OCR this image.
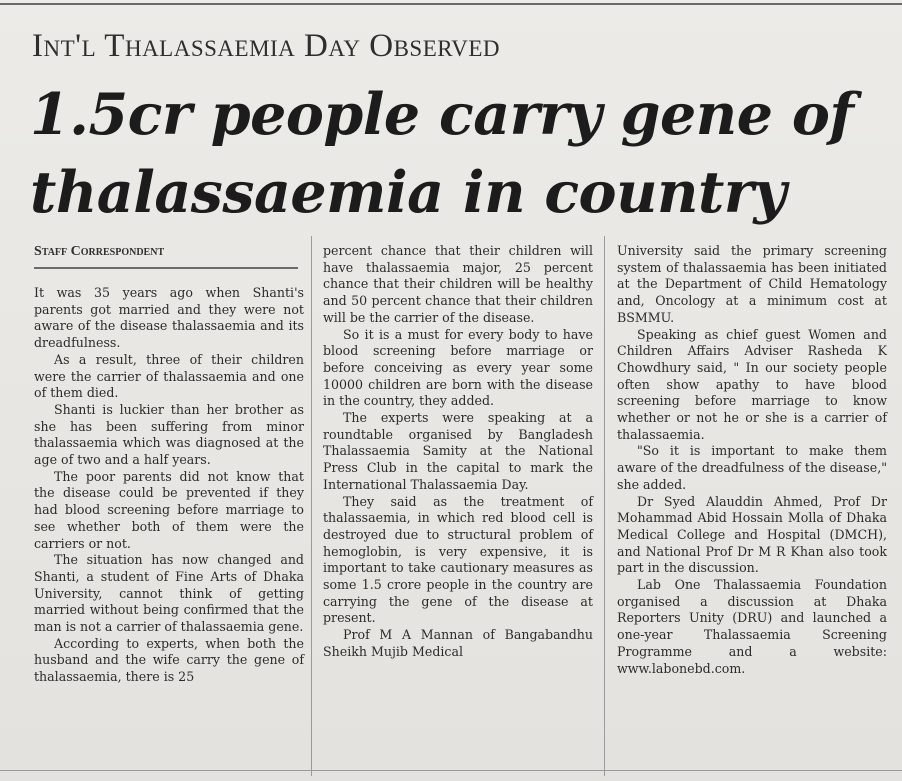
Int'l Thalassaemia Day Observed
1.5cr people carry gene of thalassaemia in country
Staff Correspondent

It was 35 years ago when Shanti's parents got married and they were not aware of the disease thalassaemia and its dreadfulness.

As a result, three of their children were the carrier of thalassaemia and one of them died.

Shanti is luckier than her brother as she has been suffering from minor thalassaemia which was diagnosed at the age of two and a half years.

The poor parents did not know that the disease could be prevented if they had blood screening before marriage to see whether both of them were the carriers or not.

The situation has now changed and Shanti, a student of Fine Arts of Dhaka University, cannot think of getting married without being confirmed that the man is not a carrier of thalassaemia gene.

According to experts, when both the husband and the wife carry the gene of thalassaemia, there is 25

percent chance that their children will have thalassaemia major, 25 percent chance that their children will be healthy and 50 percent chance that their children will be the carrier of the disease.

So it is a must for every body to have blood screening before marriage or before conceiving as every year some 10000 children are born with the disease in the country, they added.

The experts were speaking at a roundtable organised by Bangladesh Thalassaemia Samity at the National Press Club in the capital to mark the International Thalassaemia Day.

They said as the treatment of thalassaemia, in which red blood cell is destroyed due to structural problem of hemoglobin, is very expensive, it is important to take cautionary measures as some 1.5 crore people in the country are carrying the gene of the disease at present.

Prof M A Mannan of Bangabandhu Sheikh Mujib Medical

University said the primary screening system of thalassaemia has been initiated at the Department of Child Hematology and, Oncology at a minimum cost at BSMMU.

Speaking as chief guest Women and Children Affairs Adviser Rasheda K Chowdhury said, " In our society people often show apathy to have blood screening before marriage to know whether or not he or she is a carrier of thalassaemia.

"So it is important to make them aware of the dreadfulness of the disease," she added.

Dr Syed Alauddin Ahmed, Prof Dr Mohammad Abid Hossain Molla of Dhaka Medical College and Hospital (DMCH), and National Prof Dr M R Khan also took part in the discussion.

Lab One Thalassaemia Foundation organised a discussion at Dhaka Reporters Unity (DRU) and launched a one-year Thalassaemia Screening Programme and a website: www.labonebd.com.
